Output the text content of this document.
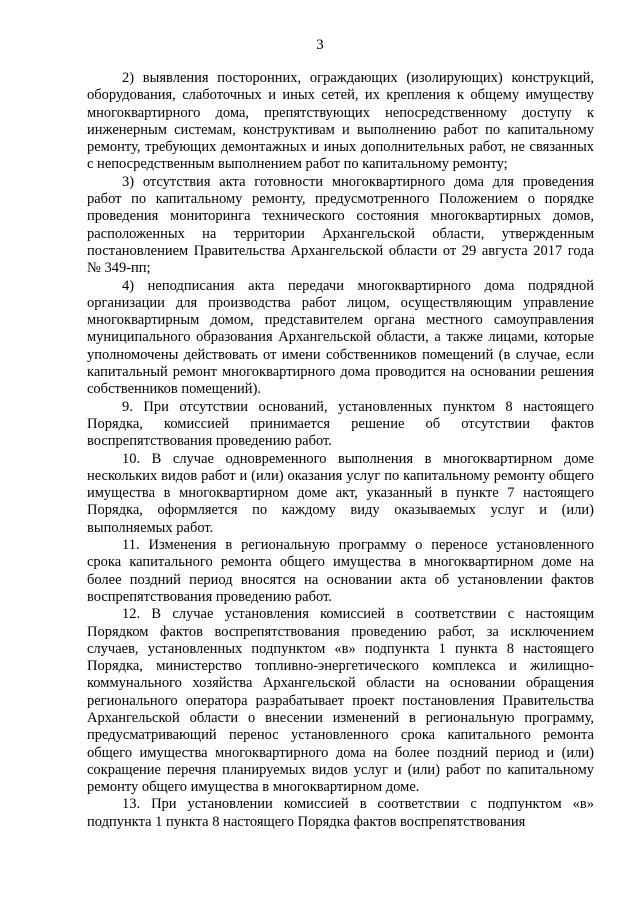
3

2) выявления посторонних, ограждающих (изолирующих) конструкций, оборудования, слаботочных и иных сетей, их крепления к общему имуществу многоквартирного дома, препятствующих непосредственному доступу к инженерным системам, конструктивам и выполнению работ по капитальному ремонту, требующих демонтажных и иных дополнительных работ, не связанных с непосредственным выполнением работ по капитальному ремонту;

3) отсутствия акта готовности многоквартирного дома для проведения работ по капитальному ремонту, предусмотренного Положением о порядке проведения мониторинга технического состояния многоквартирных домов, расположенных на территории Архангельской области, утвержденным постановлением Правительства Архангельской области от 29 августа 2017 года № 349-пп;

4) неподписания акта передачи многоквартирного дома подрядной организации для производства работ лицом, осуществляющим управление многоквартирным домом, представителем органа местного самоуправления муниципального образования Архангельской области, а также лицами, которые уполномочены действовать от имени собственников помещений (в случае, если капитальный ремонт многоквартирного дома проводится на основании решения собственников помещений).

9. При отсутствии оснований, установленных пунктом 8 настоящего Порядка, комиссией принимается решение об отсутствии фактов воспрепятствования проведению работ.

10. В случае одновременного выполнения в многоквартирном доме нескольких видов работ и (или) оказания услуг по капитальному ремонту общего имущества в многоквартирном доме акт, указанный в пункте 7 настоящего Порядка, оформляется по каждому виду оказываемых услуг и (или) выполняемых работ.

11. Изменения в региональную программу о переносе установленного срока капитального ремонта общего имущества в многоквартирном доме на более поздний период вносятся на основании акта об установлении фактов воспрепятствования проведению работ.

12. В случае установления комиссией в соответствии с настоящим Порядком фактов воспрепятствования проведению работ, за исключением случаев, установленных подпунктом «в» подпункта 1 пункта 8 настоящего Порядка, министерство топливно-энергетического комплекса и жилищно-коммунального хозяйства Архангельской области на основании обращения регионального оператора разрабатывает проект постановления Правительства Архангельской области о внесении изменений в региональную программу, предусматривающий перенос установленного срока капитального ремонта общего имущества многоквартирного дома на более поздний период и (или) сокращение перечня планируемых видов услуг и (или) работ по капитальному ремонту общего имущества в многоквартирном доме.

13. При установлении комиссией в соответствии с подпунктом «в» подпункта 1 пункта 8 настоящего Порядка фактов воспрепятствования
